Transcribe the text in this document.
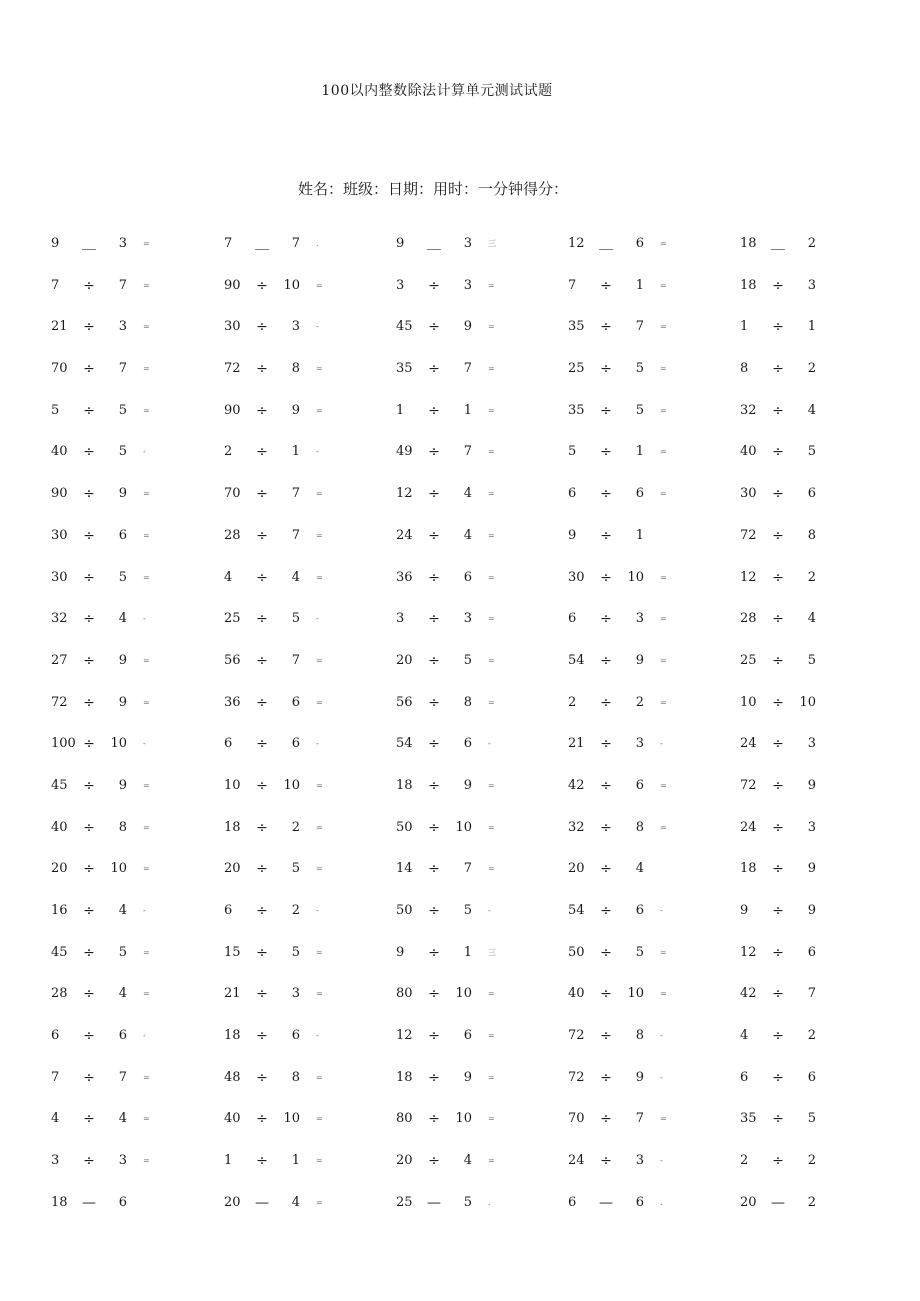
100以内整数除法计算单元测试试题
姓名：班级：日期：用时：一分钟得分：
9 ＿	3 =	7 ＿	7 .	9 ＿	3 三	12 ＿	6 =	18 ＿	2
7 ÷	7 =	90 ÷ 10 =	3 ÷	3 =	7 ÷	1 =	18 ÷	3
21 ÷	3 =	30 ÷	3 -	45 ÷	9 =	35 ÷	7 =	1 ÷	1
70 ÷	7 =	72 ÷	8 =	35 ÷	7 =	25 ÷	5 =	8 ÷	2
5 ÷	5 =	90 ÷	9 =	1 ÷	1 =	35 ÷	5 =	32 ÷	4
40 ÷	5 -	2 ÷	1 -	49 ÷	7 =	5 ÷	1 =	40 ÷	5
90 ÷	9 =	70 ÷	7 =	12 ÷	4 =	6 ÷	6 =	30 ÷	6
30 ÷	6 =	28 ÷	7 =	24 ÷	4 =	9 ÷	1	72 ÷	8
30 ÷	5 =	4 ÷	4 =	36 ÷	6 =	30 ÷ 10 =	12 ÷	2
32 ÷	4 -	25 ÷	5 -	3 ÷	3 =	6 ÷	3 =	28 ÷	4
27 ÷	9 =	56 ÷	7 =	20 ÷	5 =	54 ÷	9 =	25 ÷	5
72 ÷	9 =	36 ÷	6 =	56 ÷	8 =	2 ÷	2 =	10 ÷ 10
100 ÷ 10 -	6 ÷	6 -	54 ÷	6 -	21 ÷	3 -	24 ÷	3
45 ÷	9 =	10 ÷ 10 =	18 ÷	9 =	42 ÷	6 =	72 ÷	9
40 ÷	8 =	18 ÷	2 =	50 ÷ 10 =	32 ÷	8 =	24 ÷	3
20 ÷ 10 =	20 ÷	5 =	14 ÷	7 =	20 ÷	4	18 ÷	9
16 ÷	4 -	6 ÷	2 -	50 ÷	5 -	54 ÷	6 -	9 ÷	9
45 ÷	5 =	15 ÷	5 =	9 ÷	1 三	50 ÷	5 =	12 ÷	6
28 ÷	4 =	21 ÷	3 =	80 ÷ 10 =	40 ÷ 10 =	42 ÷	7
6 ÷	6 -	18 ÷	6 -	12 ÷	6 =	72 ÷	8 -	4 ÷	2
7 ÷	7 =	48 ÷	8 =	18 ÷	9 =	72 ÷	9 -	6 ÷	6
4 ÷	4 =	40 ÷ 10 =	80 ÷ 10 =	70 ÷	7 =	35 ÷	5
3 ÷	3 =	1 ÷	1 =	20 ÷	4 =	24 ÷	3 -	2 ÷	2
18 —	6	20 —	4 =	25 —	5 .	6 —	6 .	20 —	2
